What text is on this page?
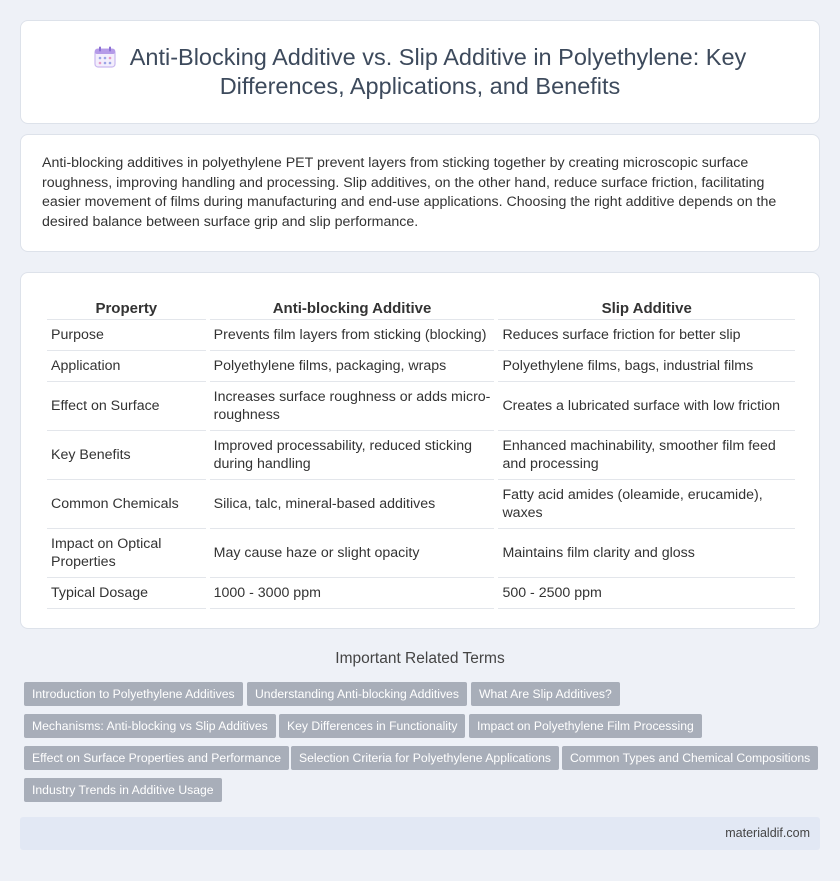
Anti-Blocking Additive vs. Slip Additive in Polyethylene: Key Differences, Applications, and Benefits

Anti-blocking additives in polyethylene PET prevent layers from sticking together by creating microscopic surface roughness, improving handling and processing. Slip additives, on the other hand, reduce surface friction, facilitating easier movement of films during manufacturing and end-use applications. Choosing the right additive depends on the desired balance between surface grip and slip performance.

Property	Anti-blocking Additive	Slip Additive
Purpose	Prevents film layers from sticking (blocking)	Reduces surface friction for better slip
Application	Polyethylene films, packaging, wraps	Polyethylene films, bags, industrial films
Effect on Surface	Increases surface roughness or adds micro-roughness	Creates a lubricated surface with low friction
Key Benefits	Improved processability, reduced sticking during handling	Enhanced machinability, smoother film feed and processing
Common Chemicals	Silica, talc, mineral-based additives	Fatty acid amides (oleamide, erucamide), waxes
Impact on Optical Properties	May cause haze or slight opacity	Maintains film clarity and gloss
Typical Dosage	1000 - 3000 ppm	500 - 2500 ppm
Important Related Terms
Introduction to Polyethylene Additives	Understanding Anti-blocking Additives	What Are Slip Additives?
Mechanisms: Anti-blocking vs Slip Additives	Key Differences in Functionality	Impact on Polyethylene Film Processing
Effect on Surface Properties and Performance	Selection Criteria for Polyethylene Applications	Common Types and Chemical Compositions
Industry Trends in Additive Usage
materialdif.com
